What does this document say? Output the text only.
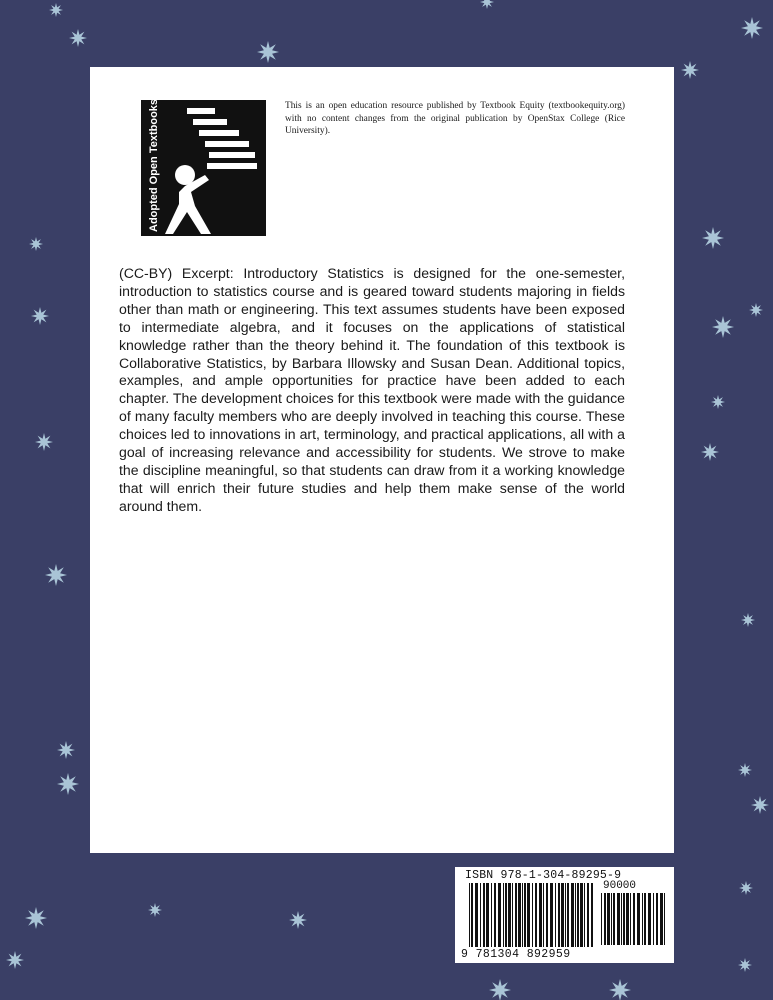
Adopted Open Textbooks	This is an open education resource published by Textbook Equity (textbookequity.org) with no content changes from the original publication by OpenStax College (Rice University).
(CC-BY) Excerpt: Introductory Statistics is designed for the one-semester, introduction to statistics course and is geared toward students majoring in fields other than math or engineering. This text assumes students have been exposed to intermediate algebra, and it focuses on the applications of statistical knowledge rather than the theory behind it. The foundation of this textbook is Collaborative Statistics, by Barbara Illowsky and Susan Dean. Additional topics, examples, and ample opportunities for practice have been added to each chapter. The development choices for this textbook were made with the guidance of many faculty members who are deeply involved in teaching this course. These choices led to innovations in art, terminology, and practical applications, all with a goal of increasing relevance and accessibility for students. We strove to make the discipline meaningful, so that students can draw from it a working knowledge that will enrich their future studies and help them make sense of the world around them.
ISBN 978-1-304-89295-9
90000
9 781304 892959
